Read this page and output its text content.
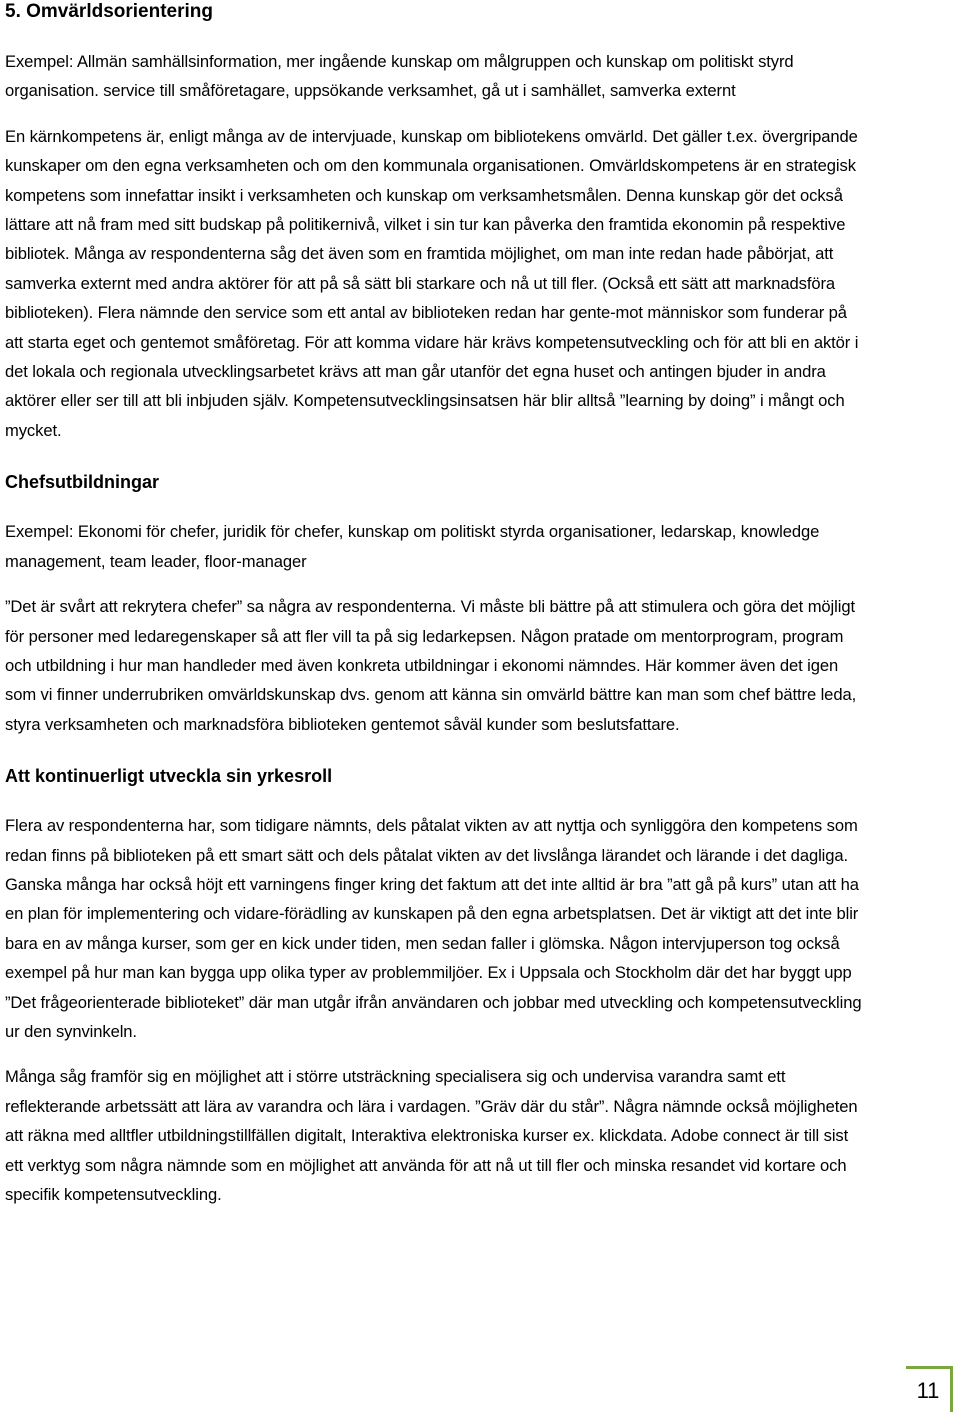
5. Omvärldsorientering

Exempel: Allmän samhällsinformation, mer ingående kunskap om målgruppen och kunskap om politiskt styrd organisation. service till småföretagare, uppsökande verksamhet, gå ut i samhället, samverka externt

En kärnkompetens är, enligt många av de intervjuade, kunskap om bibliotekens omvärld. Det gäller t.ex. övergripande kunskaper om den egna verksamheten och om den kommunala organisationen. Omvärldskompetens är en strategisk kompetens som innefattar insikt i verksamheten och kunskap om verksamhetsmålen. Denna kunskap gör det också lättare att nå fram med sitt budskap på politikernivå, vilket i sin tur kan påverka den framtida ekonomin på respektive bibliotek. Många av respondenterna såg det även som en framtida möjlighet, om man inte redan hade påbörjat, att samverka externt med andra aktörer för att på så sätt bli starkare och nå ut till fler. (Också ett sätt att marknadsföra biblioteken). Flera nämnde den service som ett antal av biblioteken redan har gente-mot människor som funderar på att starta eget och gentemot småföretag. För att komma vidare här krävs kompetensutveckling och för att bli en aktör i det lokala och regionala utvecklingsarbetet krävs att man går utanför det egna huset och antingen bjuder in andra aktörer eller ser till att bli inbjuden själv. Kompetensutvecklingsinsatsen här blir alltså ”learning by doing” i mångt och mycket.

Chefsutbildningar

Exempel: Ekonomi för chefer, juridik för chefer, kunskap om politiskt styrda organisationer, ledarskap, knowledge management, team leader, floor-manager

”Det är svårt att rekrytera chefer” sa några av respondenterna. Vi måste bli bättre på att stimulera och göra det möjligt för personer med ledaregenskaper så att fler vill ta på sig ledarkepsen. Någon pratade om mentorprogram, program och utbildning i hur man handleder med även konkreta utbildningar i ekonomi nämndes. Här kommer även det igen som vi finner underrubriken omvärldskunskap dvs. genom att känna sin omvärld bättre kan man som chef bättre leda, styra verksamheten och marknadsföra biblioteken gentemot såväl kunder som beslutsfattare.

Att kontinuerligt utveckla sin yrkesroll

Flera av respondenterna har, som tidigare nämnts, dels påtalat vikten av att nyttja och synliggöra den kompetens som redan finns på biblioteken på ett smart sätt och dels påtalat vikten av det livslånga lärandet och lärande i det dagliga. Ganska många har också höjt ett varningens finger kring det faktum att det inte alltid är bra ”att gå på kurs” utan att ha en plan för implementering och vidare-förädling av kunskapen på den egna arbetsplatsen. Det är viktigt att det inte blir bara en av många kurser, som ger en kick under tiden, men sedan faller i glömska. Någon intervjuperson tog också exempel på hur man kan bygga upp olika typer av problemmiljöer. Ex i Uppsala och Stockholm där det har byggt upp ”Det frågeorienterade biblioteket” där man utgår ifrån användaren och jobbar med utveckling och kompetensutveckling ur den synvinkeln.

Många såg framför sig en möjlighet att i större utsträckning specialisera sig och undervisa varandra samt ett reflekterande arbetssätt att lära av varandra och lära i vardagen. ”Gräv där du står”. Några nämnde också möjligheten att räkna med alltfler utbildningstillfällen digitalt, Interaktiva elektroniska kurser ex. klickdata. Adobe connect är till sist ett verktyg som några nämnde som en möjlighet att använda för att nå ut till fler och minska resandet vid kortare och specifik kompetensutveckling.

11
